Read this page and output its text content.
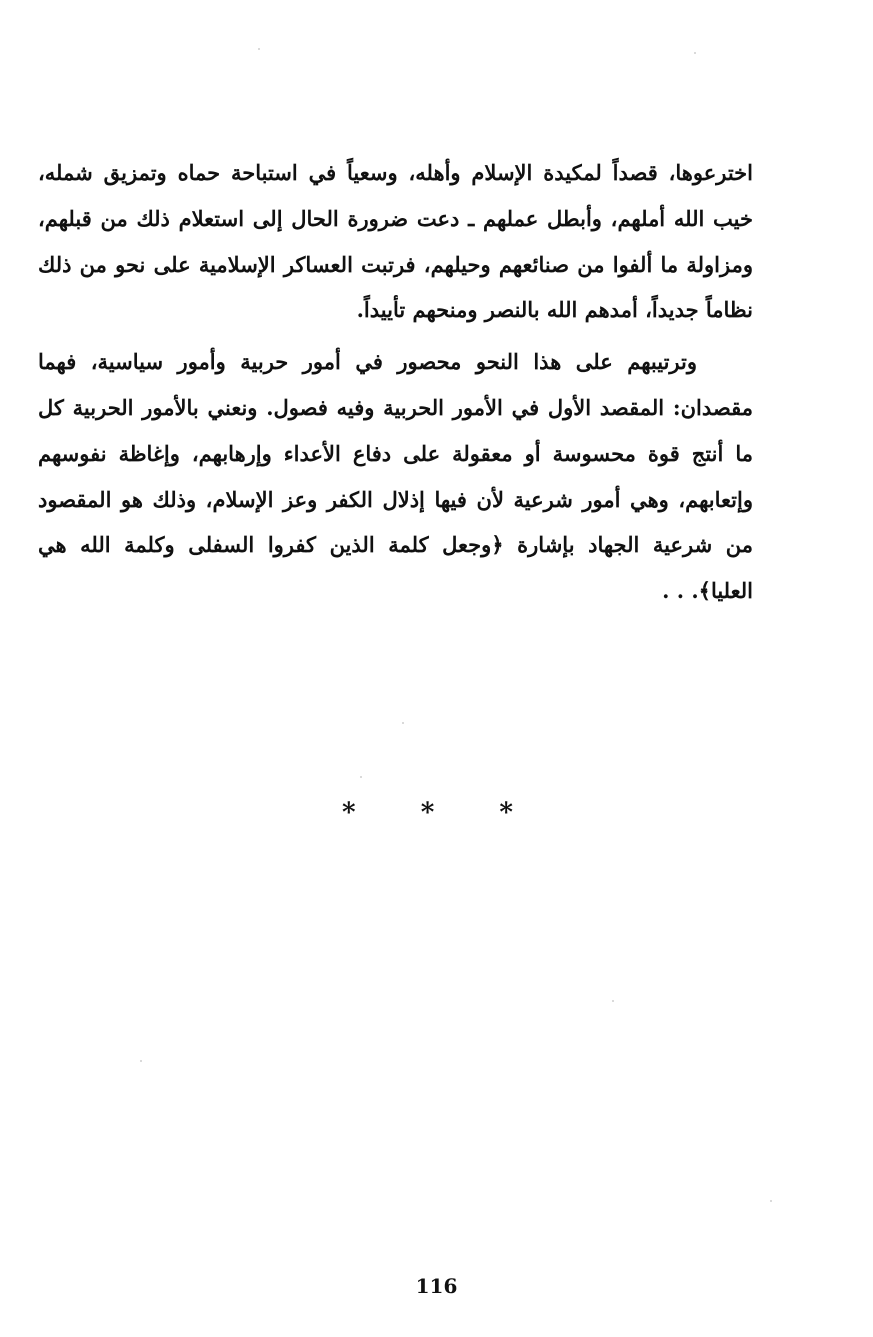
اخترعوها، قصداً لمكيدة الإسلام وأهله، وسعياً في استباحة حماه وتمزيق شمله، خيب الله أملهم، وأبطل عملهم ـ دعت ضرورة الحال إلى استعلام ذلك من قبلهم، ومزاولة ما ألفوا من صنائعهم وحيلهم، فرتبت العساكر الإسلامية على نحو من ذلك نظاماً جديداً، أمدهم الله بالنصر ومنحهم تأييداً.

وترتيبهم على هذا النحو محصور في أمور حربية وأمور سياسية، فهما مقصدان: المقصد الأول في الأمور الحربية وفيه فصول. ونعني بالأمور الحربية كل ما أنتج قوة محسوسة أو معقولة على دفاع الأعداء وإرهابهم، وإغاظة نفوسهم وإتعابهم، وهي أمور شرعية لأن فيها إذلال الكفر وعز الإسلام، وذلك هو المقصود من شرعية الجهاد بإشارة ﴿وجعل كلمة الذين كفروا السفلى وكلمة الله هي العليا﴾. . .

* * *
116
